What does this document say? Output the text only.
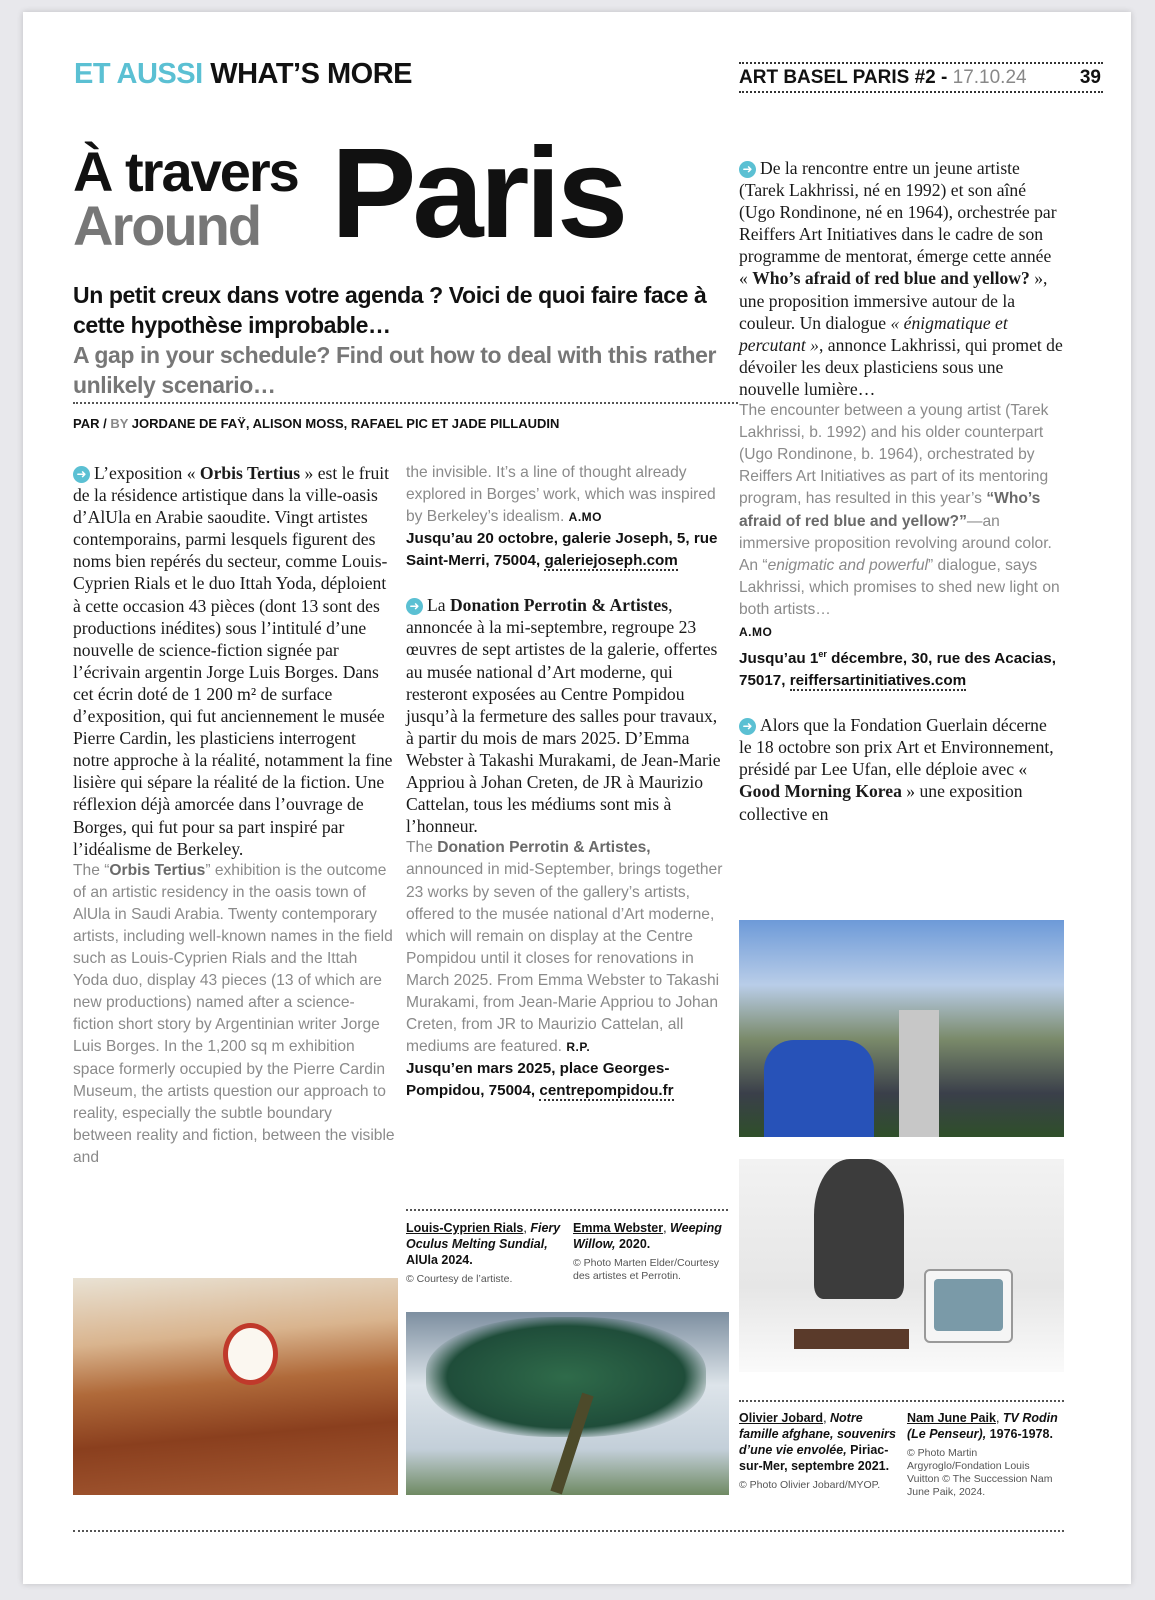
ET AUSSI WHAT’S MORE	ART BASEL PARIS #2 - 17.10.24	39
À travers
Around Paris
Un petit creux dans votre agenda ? Voici de quoi faire face à cette hypothèse improbable…
A gap in your schedule? Find out how to deal with this rather unlikely scenario…
PAR / BY JORDANE DE FAŸ, ALISON MOSS, RAFAEL PIC ET JADE PILLAUDIN

➜ L’exposition « Orbis Tertius » est le fruit de la résidence artistique dans la ville-oasis d’AlUla en Arabie saoudite. Vingt artistes contemporains, parmi lesquels figurent des noms bien repérés du secteur, comme Louis-Cyprien Rials et le duo Ittah Yoda, déploient à cette occasion 43 pièces (dont 13 sont des productions inédites) sous l’intitulé d’une nouvelle de science-fiction signée par l’écrivain argentin Jorge Luis Borges. Dans cet écrin doté de 1 200 m² de surface d’exposition, qui fut anciennement le musée Pierre Cardin, les plasticiens interrogent notre approche à la réalité, notamment la fine lisière qui sépare la réalité de la fiction. Une réflexion déjà amorcée dans l’ouvrage de Borges, qui fut pour sa part inspiré par l’idéalisme de Berkeley.

The “Orbis Tertius” exhibition is the outcome of an artistic residency in the oasis town of AlUla in Saudi Arabia. Twenty contemporary artists, including well-known names in the field such as Louis-Cyprien Rials and the Ittah Yoda duo, display 43 pieces (13 of which are new productions) named after a science-fiction short story by Argentinian writer Jorge Luis Borges. In the 1,200 sq m exhibition space formerly occupied by the Pierre Cardin Museum, the artists question our approach to reality, especially the subtle boundary between reality and fiction, between the visible and

the invisible. It’s a line of thought already explored in Borges’ work, which was inspired by Berkeley’s idealism. A.MO

Jusqu’au 20 octobre, galerie Joseph, 5, rue Saint-Merri, 75004, galeriejoseph.com

➜ La Donation Perrotin & Artistes, annoncée à la mi-septembre, regroupe 23 œuvres de sept artistes de la galerie, offertes au musée national d’Art moderne, qui resteront exposées au Centre Pompidou jusqu’à la fermeture des salles pour travaux, à partir du mois de mars 2025. D’Emma Webster à Takashi Murakami, de Jean-Marie Appriou à Johan Creten, de JR à Maurizio Cattelan, tous les médiums sont mis à l’honneur.

The Donation Perrotin & Artistes, announced in mid-September, brings together 23 works by seven of the gallery’s artists, offered to the musée national d’Art moderne, which will remain on display at the Centre Pompidou until it closes for renovations in March 2025. From Emma Webster to Takashi Murakami, from Jean-Marie Appriou to Johan Creten, from JR to Maurizio Cattelan, all mediums are featured. R.P.

Jusqu’en mars 2025, place Georges-Pompidou, 75004, centrepompidou.fr

➜ De la rencontre entre un jeune artiste (Tarek Lakhrissi, né en 1992) et son aîné (Ugo Rondinone, né en 1964), orchestrée par Reiffers Art Initiatives dans le cadre de son programme de mentorat, émerge cette année « Who’s afraid of red blue and yellow? », une proposition immersive autour de la couleur. Un dialogue « énigmatique et percutant », annonce Lakhrissi, qui promet de dévoiler les deux plasticiens sous une nouvelle lumière…

The encounter between a young artist (Tarek Lakhrissi, b. 1992) and his older counterpart (Ugo Rondinone, b. 1964), orchestrated by Reiffers Art Initiatives as part of its mentoring program, has resulted in this year’s “Who’s afraid of red blue and yellow?”—an immersive proposition revolving around color. An “enigmatic and powerful” dialogue, says Lakhrissi, which promises to shed new light on both artists…

A.MO

Jusqu’au 1er décembre, 30, rue des Acacias, 75017, reiffersartinitiatives.com

➜ Alors que la Fondation Guerlain décerne le 18 octobre son prix Art et Environnement, présidé par Lee Ufan, elle déploie avec « Good Morning Korea » une exposition collective en

Louis-Cyprien Rials, Fiery Oculus Melting Sundial, AlUla 2024.
© Courtesy de l’artiste.
Emma Webster, Weeping Willow, 2020.
© Photo Marten Elder/Courtesy des artistes et Perrotin.
Olivier Jobard, Notre famille afghane, souvenirs d’une vie envolée, Piriac-sur-Mer, septembre 2021.
© Photo Olivier Jobard/MYOP.
Nam June Paik, TV Rodin (Le Penseur), 1976-1978.
© Photo Martin Argyroglo/Fondation Louis Vuitton © The Succession Nam June Paik, 2024.
